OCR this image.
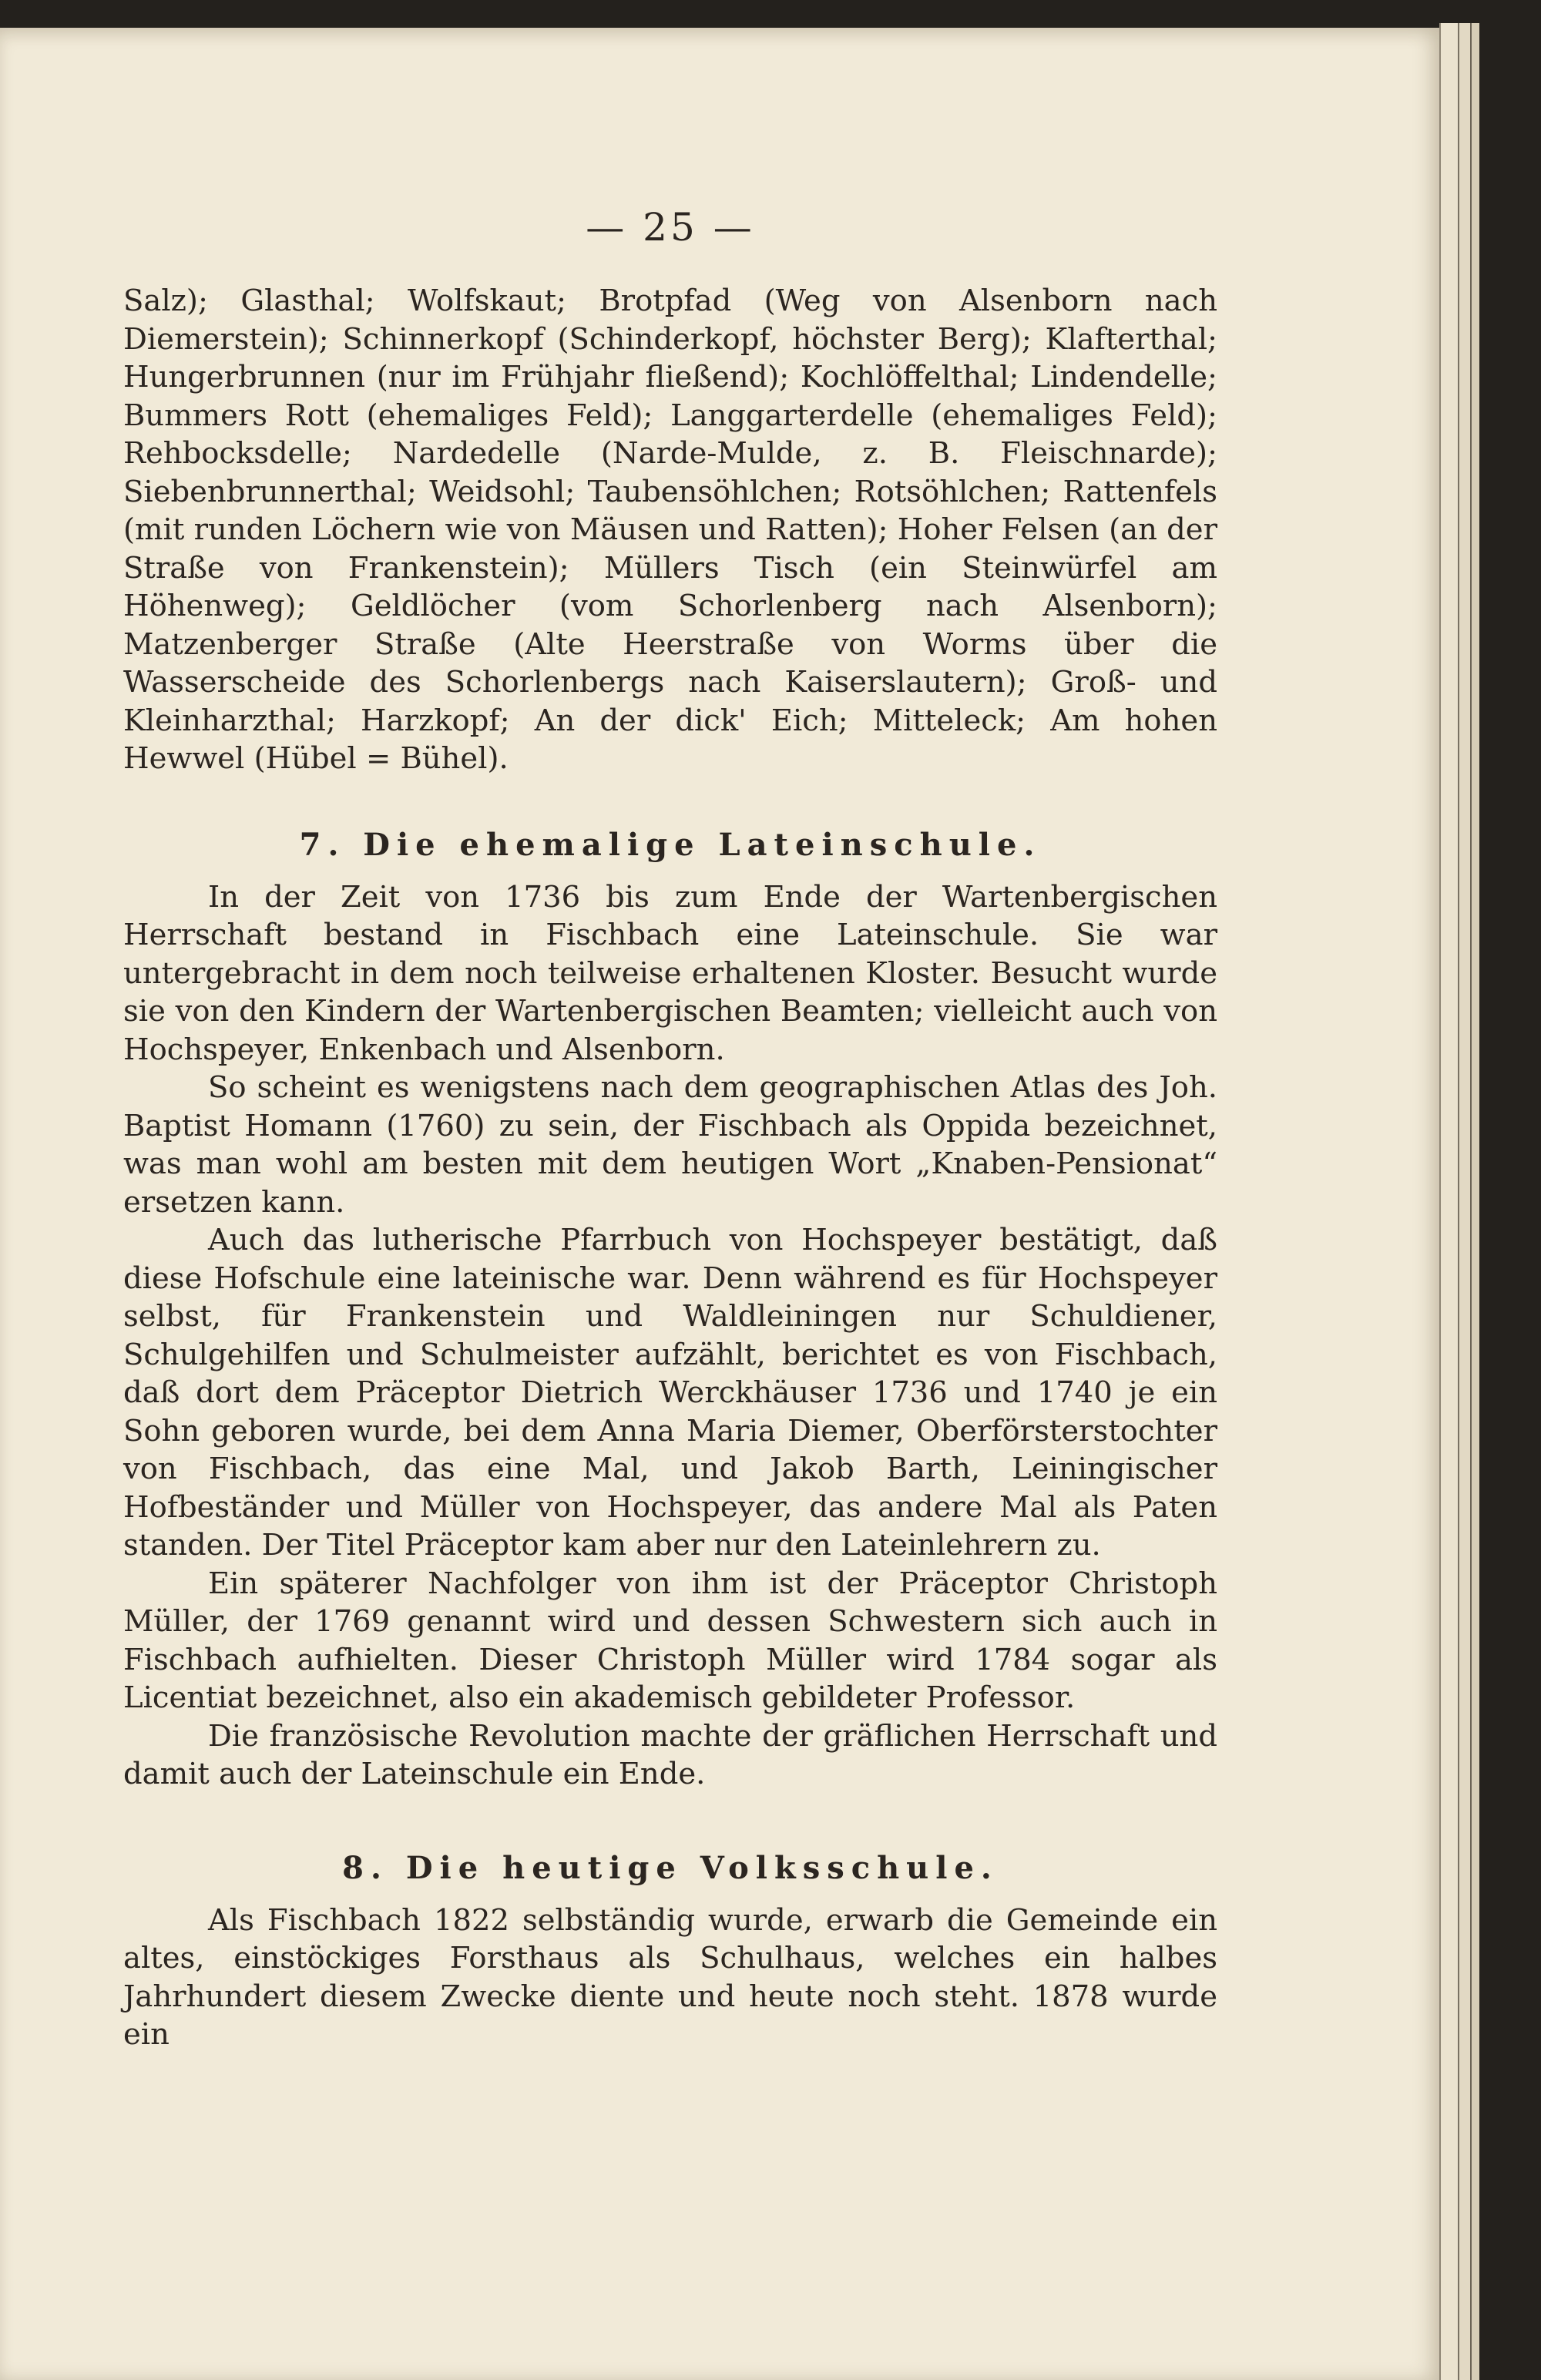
— 25 —

Salz); Glasthal; Wolfskaut; Brotpfad (Weg von Alsenborn nach Diemerstein); Schinnerkopf (Schinderkopf, höchster Berg); Klafterthal; Hungerbrunnen (nur im Frühjahr fließend); Kochlöffelthal; Lindendelle; Bummers Rott (ehemaliges Feld); Langgarterdelle (ehemaliges Feld); Rehbocksdelle; Nardedelle (Narde-Mulde, z. B. Fleischnarde); Siebenbrunnerthal; Weidsohl; Taubensöhlchen; Rotsöhlchen; Rattenfels (mit runden Löchern wie von Mäusen und Ratten); Hoher Felsen (an der Straße von Frankenstein); Müllers Tisch (ein Steinwürfel am Höhenweg); Geldlöcher (vom Schorlenberg nach Alsenborn); Matzenberger Straße (Alte Heerstraße von Worms über die Wasserscheide des Schorlenbergs nach Kaiserslautern); Groß- und Kleinharzthal; Harzkopf; An der dick' Eich; Mitteleck; Am hohen Hewwel (Hübel = Bühel).

7. Die ehemalige Lateinschule.

In der Zeit von 1736 bis zum Ende der Wartenbergischen Herrschaft bestand in Fischbach eine Lateinschule. Sie war untergebracht in dem noch teilweise erhaltenen Kloster. Besucht wurde sie von den Kindern der Wartenbergischen Beamten; vielleicht auch von Hochspeyer, Enkenbach und Alsenborn.

So scheint es wenigstens nach dem geographischen Atlas des Joh. Baptist Homann (1760) zu sein, der Fischbach als Oppida bezeichnet, was man wohl am besten mit dem heutigen Wort „Knaben-Pensionat“ ersetzen kann.

Auch das lutherische Pfarrbuch von Hochspeyer bestätigt, daß diese Hofschule eine lateinische war. Denn während es für Hochspeyer selbst, für Frankenstein und Waldleiningen nur Schuldiener, Schulgehilfen und Schulmeister aufzählt, berichtet es von Fischbach, daß dort dem Präceptor Dietrich Werckhäuser 1736 und 1740 je ein Sohn geboren wurde, bei dem Anna Maria Diemer, Oberförsterstochter von Fischbach, das eine Mal, und Jakob Barth, Leiningischer Hofbeständer und Müller von Hochspeyer, das andere Mal als Paten standen. Der Titel Präceptor kam aber nur den Lateinlehrern zu.

Ein späterer Nachfolger von ihm ist der Präceptor Christoph Müller, der 1769 genannt wird und dessen Schwestern sich auch in Fischbach aufhielten. Dieser Christoph Müller wird 1784 sogar als Licentiat bezeichnet, also ein akademisch gebildeter Professor.

Die französische Revolution machte der gräflichen Herrschaft und damit auch der Lateinschule ein Ende.

8. Die heutige Volksschule.

Als Fischbach 1822 selbständig wurde, erwarb die Gemeinde ein altes, einstöckiges Forsthaus als Schulhaus, welches ein halbes Jahrhundert diesem Zwecke diente und heute noch steht. 1878 wurde ein
